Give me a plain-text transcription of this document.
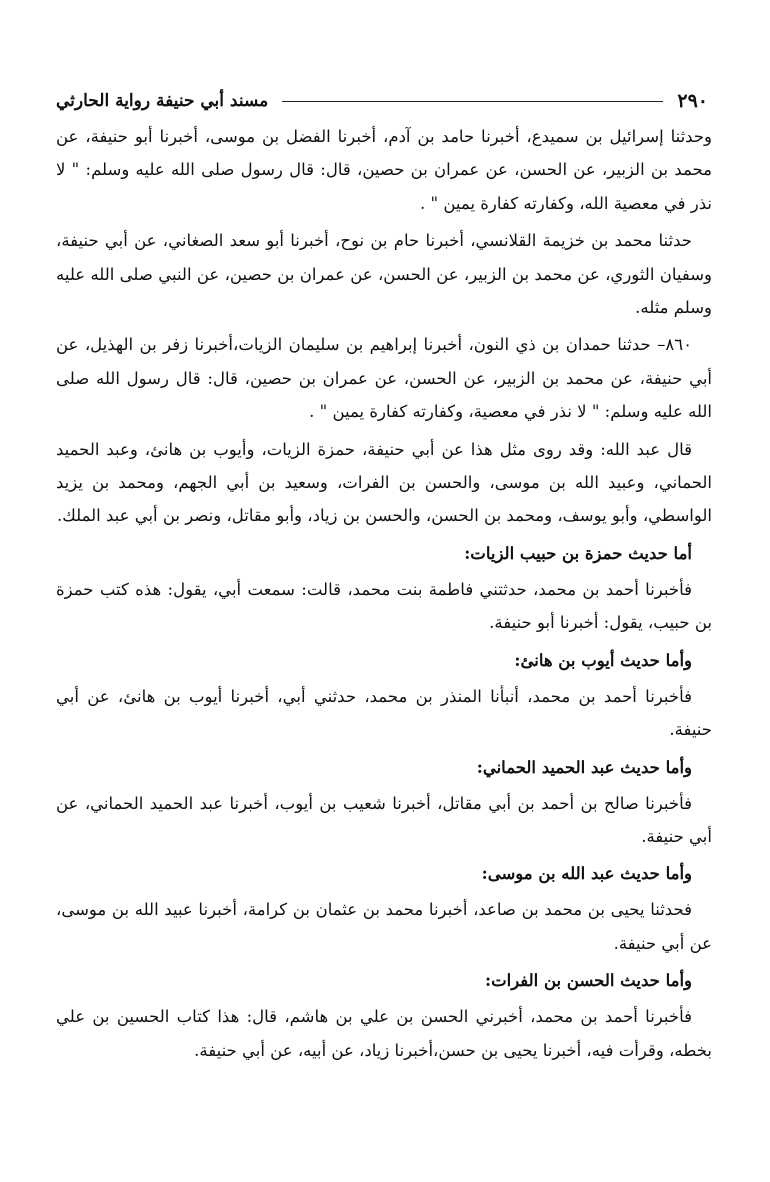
٢٩٠
مسند أبي حنيفة رواية الحارثي

وحدثنا إسرائيل بن سميدع، أخبرنا حامد بن آدم، أخبرنا الفضل بن موسى، أخبرنا أبو حنيفة، عن محمد بن الزبير، عن الحسن، عن عمران بن حصين، قال: قال رسول صلى الله عليه وسلم: " لا نذر في معصية الله، وكفارته كفارة يمين " .

حدثنا محمد بن خزيمة القلانسي، أخبرنا حام بن نوح، أخبرنا أبو سعد الصغاني، عن أبي حنيفة، وسفيان الثوري، عن محمد بن الزبير، عن الحسن، عن عمران بن حصين، عن النبي صلى الله عليه وسلم مثله.

٨٦٠– حدثنا حمدان بن ذي النون، أخبرنا إبراهيم بن سليمان الزيات،أخبرنا زفر بن الهذيل، عن أبي حنيفة، عن محمد بن الزبير، عن الحسن، عن عمران بن حصين، قال: قال رسول الله صلى الله عليه وسلم: " لا نذر في معصية، وكفارته كفارة يمين " .

قال عبد الله: وقد روى مثل هذا عن أبي حنيفة، حمزة الزيات، وأيوب بن هانئ، وعبد الحميد الحماني، وعبيد الله بن موسى، والحسن بن الفرات، وسعيد بن أبي الجهم، ومحمد بن يزيد الواسطي، وأبو يوسف، ومحمد بن الحسن، والحسن بن زياد، وأبو مقاتل، ونصر بن أبي عبد الملك.

أما حديث حمزة بن حبيب الزيات:

فأخبرنا أحمد بن محمد، حدثتني فاطمة بنت محمد، قالت: سمعت أبي، يقول: هذه كتب حمزة بن حبيب، يقول: أخبرنا أبو حنيفة.

وأما حديث أيوب بن هانئ:

فأخبرنا أحمد بن محمد، أنبأنا المنذر بن محمد، حدثني أبي، أخبرنا أيوب بن هانئ، عن أبي حنيفة.

وأما حديث عبد الحميد الحماني:

فأخبرنا صالح بن أحمد بن أبي مقاتل، أخبرنا شعيب بن أيوب، أخبرنا عبد الحميد الحماني، عن أبي حنيفة.

وأما حديث عبد الله بن موسى:

فحدثنا يحيى بن محمد بن صاعد، أخبرنا محمد بن عثمان بن كرامة، أخبرنا عبيد الله بن موسى، عن أبي حنيفة.

وأما حديث الحسن بن الفرات:

فأخبرنا أحمد بن محمد، أخبرني الحسن بن علي بن هاشم، قال: هذا كتاب الحسين بن علي بخطه، وقرأت فيه، أخبرنا يحيى بن حسن،أخبرنا زياد، عن أبيه، عن أبي حنيفة.
